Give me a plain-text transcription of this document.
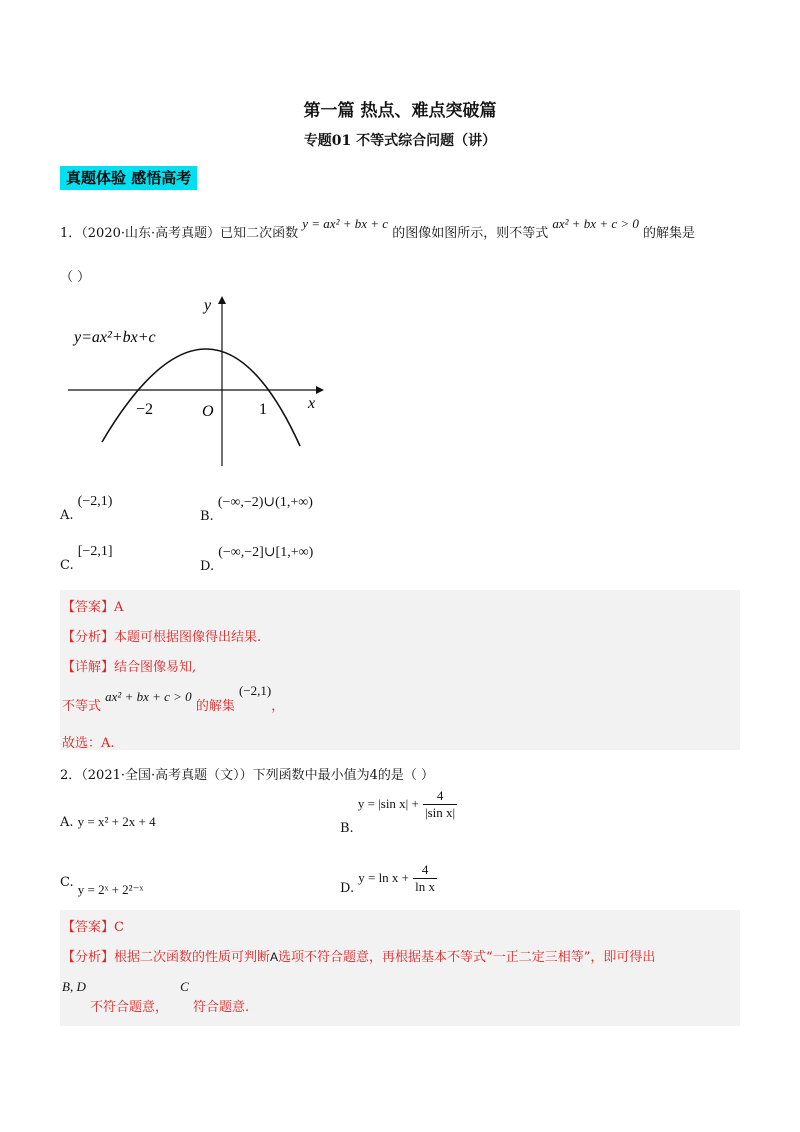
第一篇 热点、难点突破篇
专题01 不等式综合问题（讲）
真题体验 感悟高考
1．（2020·山东·高考真题）已知二次函数 y = ax² + bx + c 的图像如图所示，则不等式 ax² + bx + c > 0 的解集是
（ ）
y=ax²+bx+c
y
x
O
−2	1
A. (−2,1)
B. (−∞,−2)∪(1,+∞)
C. [−2,1]
D. (−∞,−2]∪[1,+∞)
【答案】A
【分析】本题可根据图像得出结果.
【详解】结合图像易知,
不等式 ax² + bx + c > 0 的解集 (−2,1)，
故选：A.
2．（2021·全国·高考真题（文））下列函数中最小值为4的是（ ）
A. y = x² + 2x + 4	B. y = |sin $x| + \frac{4}{\text{|sin x|}}$
C. y = 2ˣ + 2²⁻ˣ	D. $y = \ln x + \frac{4}{\text{ln x}}$
【答案】C
【分析】根据二次函数的性质可判断A选项不符合题意，再根据基本不等式“一正二定三相等”，即可得出
B, D 不符合题意， C 符合题意.
